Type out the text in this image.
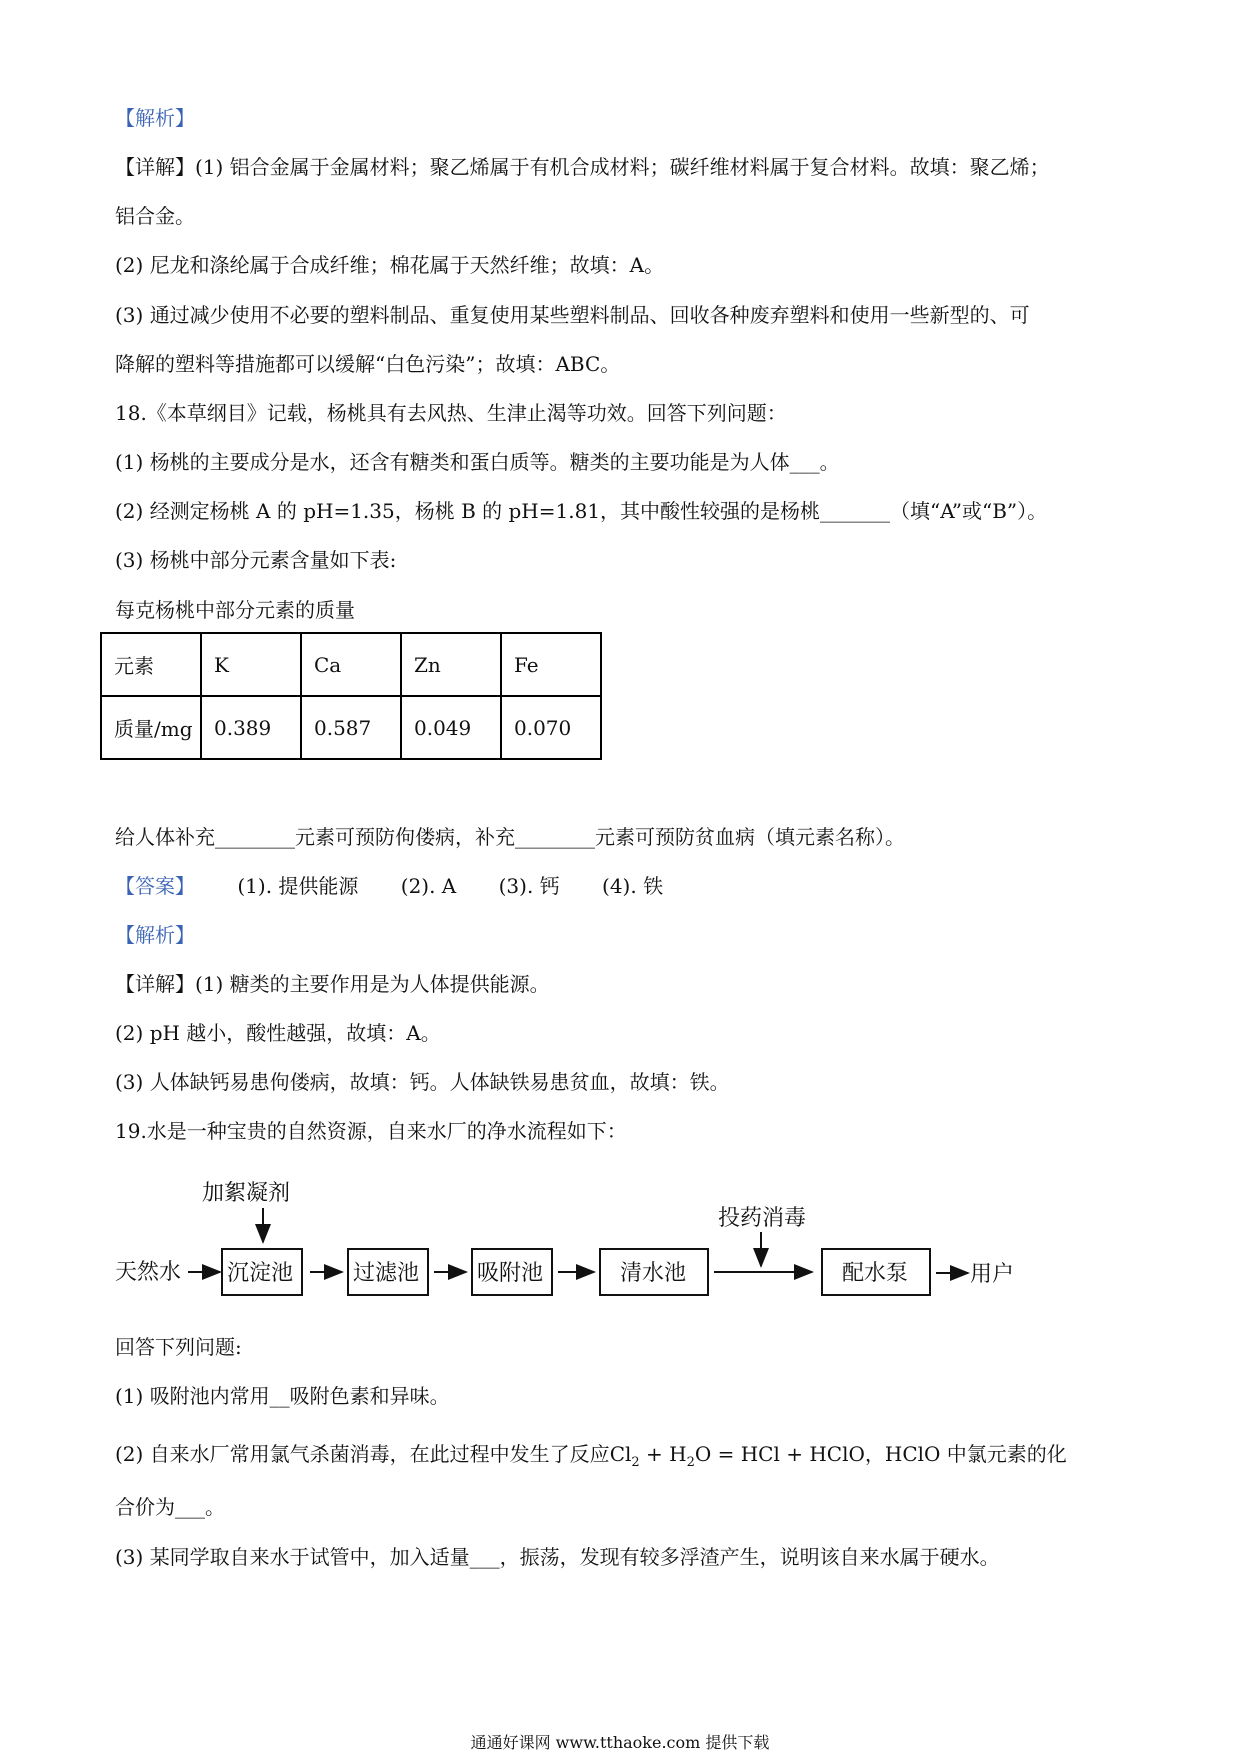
【解析】
【详解】(1) 铝合金属于金属材料；聚乙烯属于有机合成材料；碳纤维材料属于复合材料。故填：聚乙烯；
铝合金。
(2) 尼龙和涤纶属于合成纤维；棉花属于天然纤维；故填：A。
(3) 通过减少使用不必要的塑料制品、重复使用某些塑料制品、回收各种废弃塑料和使用一些新型的、可
降解的塑料等措施都可以缓解“白色污染”；故填：ABC。
18.《本草纲目》记载，杨桃具有去风热、生津止渴等功效。回答下列问题：
(1) 杨桃的主要成分是水，还含有糖类和蛋白质等。糖类的主要功能是为人体___。
(2) 经测定杨桃 A 的 pH=1.35，杨桃 B 的 pH=1.81，其中酸性较强的是杨桃_______（填“A”或“B”）。
(3) 杨桃中部分元素含量如下表:
每克杨桃中部分元素的质量
元素	K	Ca	Zn	Fe
质量/mg	0.389	0.587	0.049	0.070
给人体补充________元素可预防佝偻病，补充________元素可预防贫血病（填元素名称）。
【答案】 (1). 提供能源 (2). A (3). 钙 (4). 铁
【解析】
【详解】(1) 糖类的主要作用是为人体提供能源。
(2) pH 越小，酸性越强，故填：A。
(3) 人体缺钙易患佝偻病，故填：钙。人体缺铁易患贫血，故填：铁。
19.水是一种宝贵的自然资源，自来水厂的净水流程如下：
加絮凝剂
投药消毒
天然水 沉淀池	过滤池	吸附池	清水池	配水泵	用户
回答下列问题:
(1) 吸附池内常用__吸附色素和异味。
(2) 自来水厂常用氯气杀菌消毒，在此过程中发生了反应$Cl_2 + H_2O$ = HCl + HClO，HClO 中氯元素的化
合价为___。
(3) 某同学取自来水于试管中，加入适量___，振荡，发现有较多浮渣产生，说明该自来水属于硬水。
通通好课网 www.tthaoke.com 提供下载
